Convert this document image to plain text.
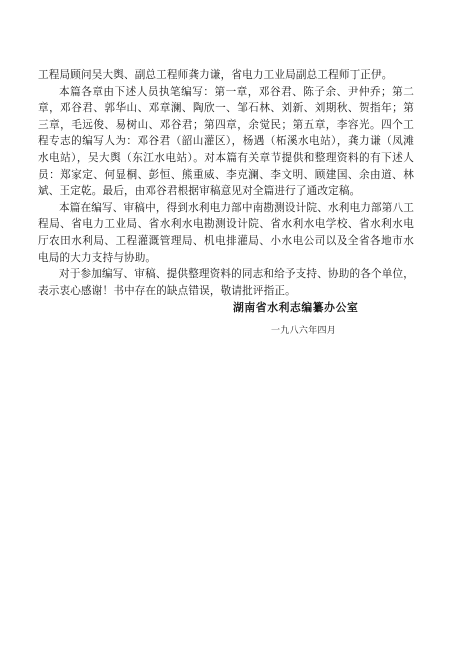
工程局顾问吴大舆、副总工程师龚力谦，省电力工业局副总工程师丁正伊。

本篇各章由下述人员执笔编写：第一章，邓谷君、陈子余、尹仲乔；第二章，邓谷君、郭华山、邓章澜、陶欣一、邹石林、刘新、刘期秋、贺指年；第三章，毛远俊、易树山、邓谷君；第四章，余觉民；第五章，李容光。四个工程专志的编写人为：邓谷君（韶山灌区），杨遇（柘溪水电站），龚力谦（凤滩水电站），吴大舆（东江水电站）。对本篇有关章节提供和整理资料的有下述人员：郑家定、何显桐、彭恒、熊重威、李克澜、李文明、顾建国、余由道、林斌、王定乾。最后，由邓谷君根据审稿意见对全篇进行了通改定稿。

本篇在编写、审稿中，得到水利电力部中南勘测设计院、水利电力部第八工程局、省电力工业局、省水利水电勘测设计院、省水利水电学校、省水利水电厅农田水利局、工程灌溉管理局、机电排灌局、小水电公司以及全省各地市水电局的大力支持与协助。

对于参加编写、审稿、提供整理资料的同志和给予支持、协助的各个单位，表示衷心感谢！书中存在的缺点错误，敬请批评指正。

湖南省水利志编纂办公室
一九八六年四月
